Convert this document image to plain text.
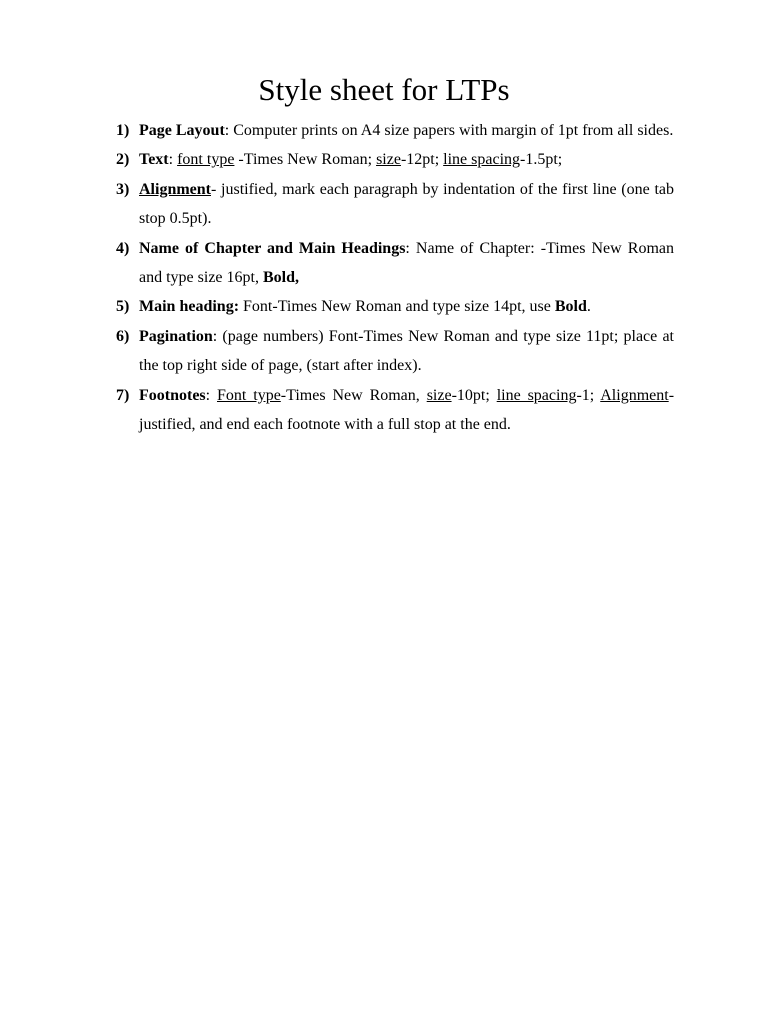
Style sheet for LTPs
1) Page Layout: Computer prints on A4 size papers with margin of 1pt from all sides.
2) Text: font type -Times New Roman; size-12pt; line spacing-1.5pt;
3) Alignment- justified, mark each paragraph by indentation of the first line (one tab stop 0.5pt).
4) Name of Chapter and Main Headings: Name of Chapter: -Times New Roman and type size 16pt, Bold,
5) Main heading: Font-Times New Roman and type size 14pt, use Bold.
6) Pagination: (page numbers) Font-Times New Roman and type size 11pt; place at the top right side of page, (start after index).
7) Footnotes: Font type-Times New Roman, size-10pt; line spacing-1; Alignment- justified, and end each footnote with a full stop at the end.
